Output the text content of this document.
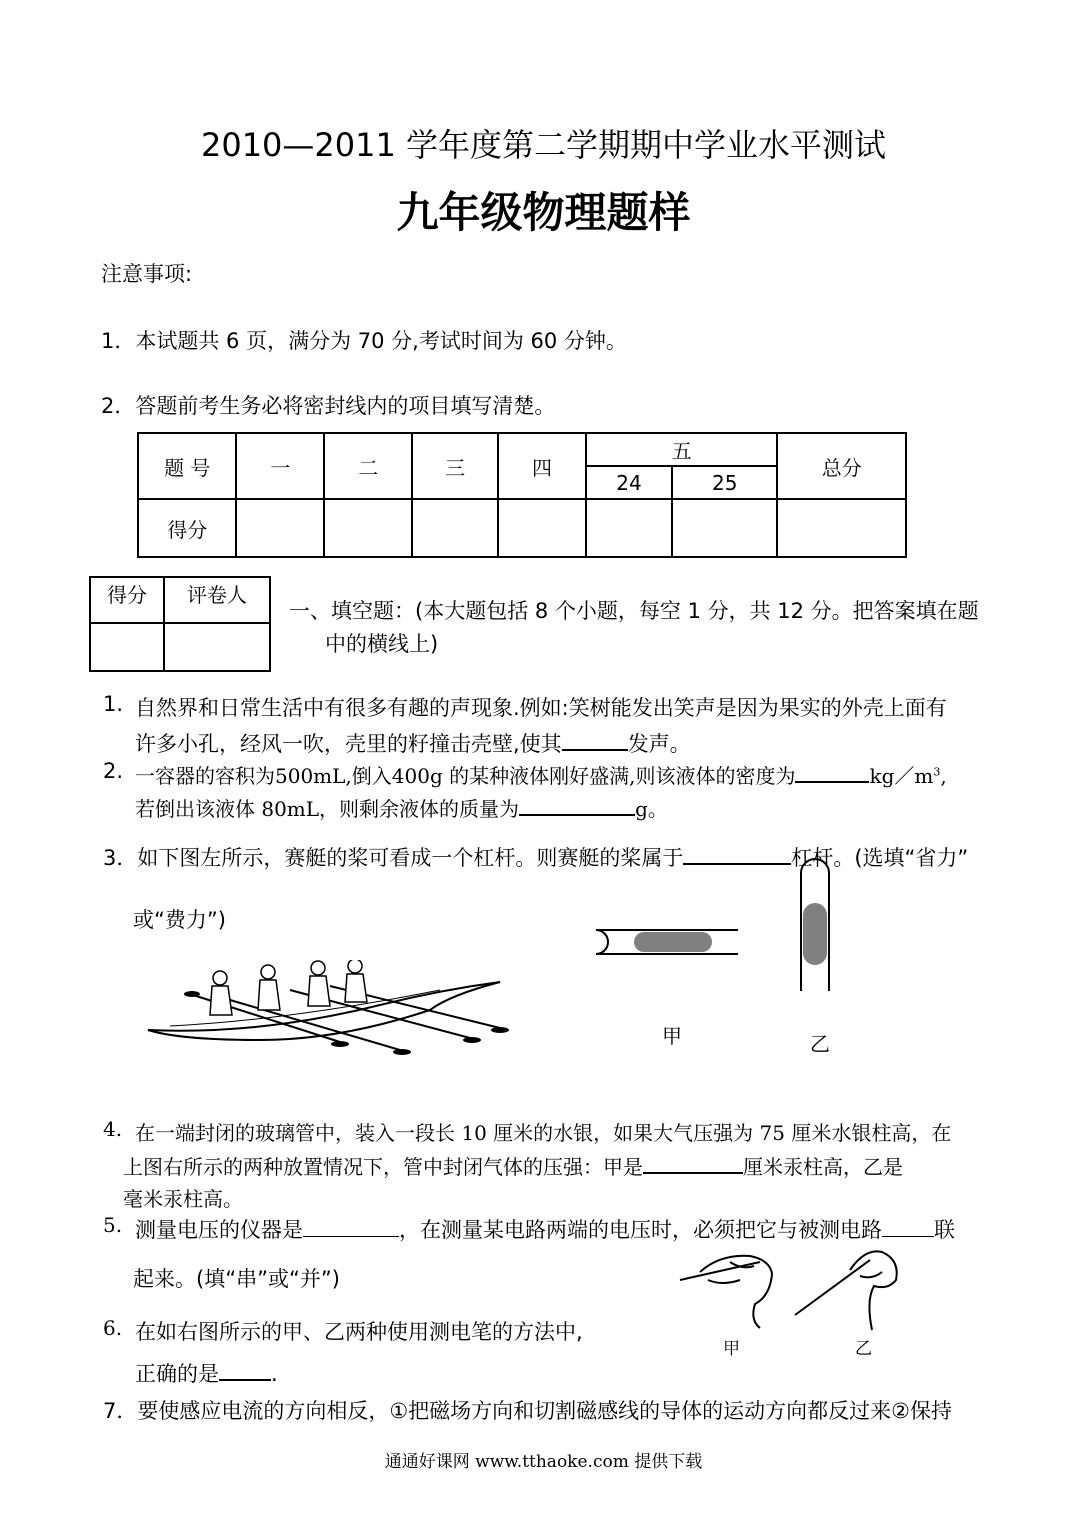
2010—2011 学年度第二学期期中学业水平测试
九年级物理题样
注意事项:
1．本试题共 6 页，满分为 70 分,考试时间为 60 分钟。
2．答题前考生务必将密封线内的项目填写清楚。
题 号	一	二	三	四	五		总分
					24	25	
得分							
得分	评卷人

一、填空题：(本大题包括 8 个小题，每空 1 分，共 12 分。把答案填在题
中的横线上)
1. 自然界和日常生活中有很多有趣的声现象.例如:笑树能发出笑声是因为果实的外壳上面有
许多小孔，经风一吹，壳里的籽撞击壳壁,使其	发声。
2. 一容器的容积为500mL,倒入400g 的某种液体刚好盛满,则该液体的密度为	$kg/m^3$,
若倒出该液体 80mL，则剩余液体的质量为	g。
3．如下图左所示，赛艇的桨可看成一个杠杆。则赛艇的桨属于	杠杆。(选填“省力”
或“费力”)
甲	乙
4. 在一端封闭的玻璃管中，装入一段长 10 厘米的水银，如果大气压强为 75 厘米水银柱高，在
上图右所示的两种放置情况下，管中封闭气体的压强：甲是	厘米汞柱高，乙是
毫米汞柱高。
5. 测量电压的仪器是	，在测量某电路两端的电压时，必须把它与被测电路 联
起来。(填“串”或“并”)
甲	乙
6. 在如右图所示的甲、乙两种使用测电笔的方法中,
正确的是 .
7．要使感应电流的方向相反，①把磁场方向和切割磁感线的导体的运动方向都反过来②保持
通通好课网 www.tthaoke.com 提供下载
